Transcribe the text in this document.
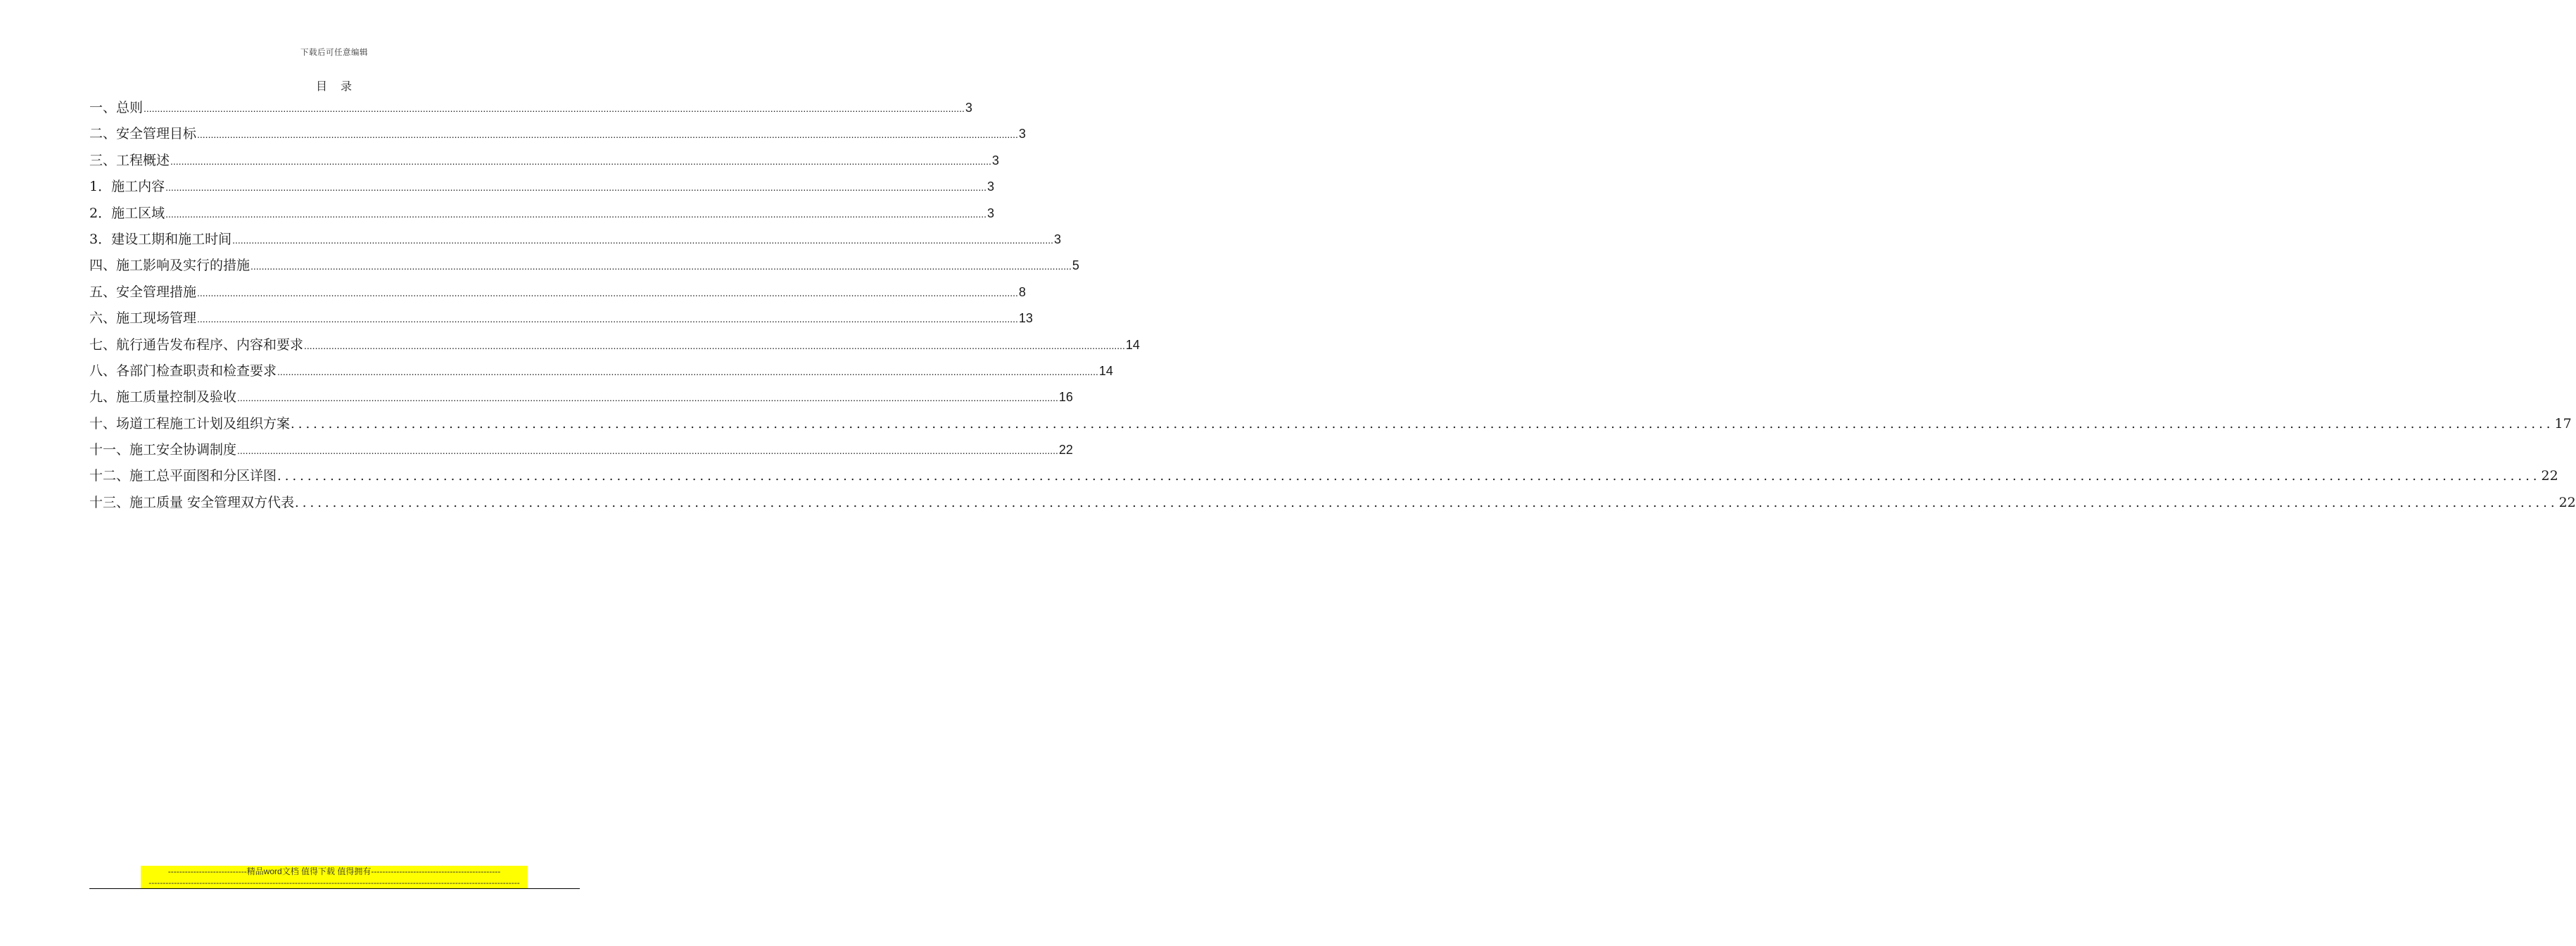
下载后可任意编辑
目 录
一、总则 ............................................................................................................................................................................................................................................................................................................ 3
二、安全管理目标 ............................................................................................................................................................................................................................................................................................................ 3
三、工程概述 ............................................................................................................................................................................................................................................................................................................ 3
1．施工内容 ............................................................................................................................................................................................................................................................................................................ 3
2．施工区域 ............................................................................................................................................................................................................................................................................................................ 3
3．建设工期和施工时间 ............................................................................................................................................................................................................................................................................................................ 3
四、施工影响及实行的措施 ............................................................................................................................................................................................................................................................................................................ 5
五、安全管理措施 ............................................................................................................................................................................................................................................................................................................ 8
六、施工现场管理 ............................................................................................................................................................................................................................................................................................................ 13
七、航行通告发布程序、内容和要求 ............................................................................................................................................................................................................................................................................................................ 14
八、各部门检查职责和检查要求 ............................................................................................................................................................................................................................................................................................................ 14
九、施工质量控制及验收 ............................................................................................................................................................................................................................................................................................................ 16
十、场道工程施工计划及组织方案 ............................................................................................................................................................................................................................................................................................................ 17
十一、施工安全协调制度 ............................................................................................................................................................................................................................................................................................................ 22
十二、施工总平面图和分区详图 ............................................................................................................................................................................................................................................................................................................ 22
十三、施工质量 安全管理双方代表 ............................................................................................................................................................................................................................................................................................................ 22
----------------------------精品word文档 值得下载 值得拥有----------------------------------------------
------------------------------------------------------------------------------------------------------------------------------------
